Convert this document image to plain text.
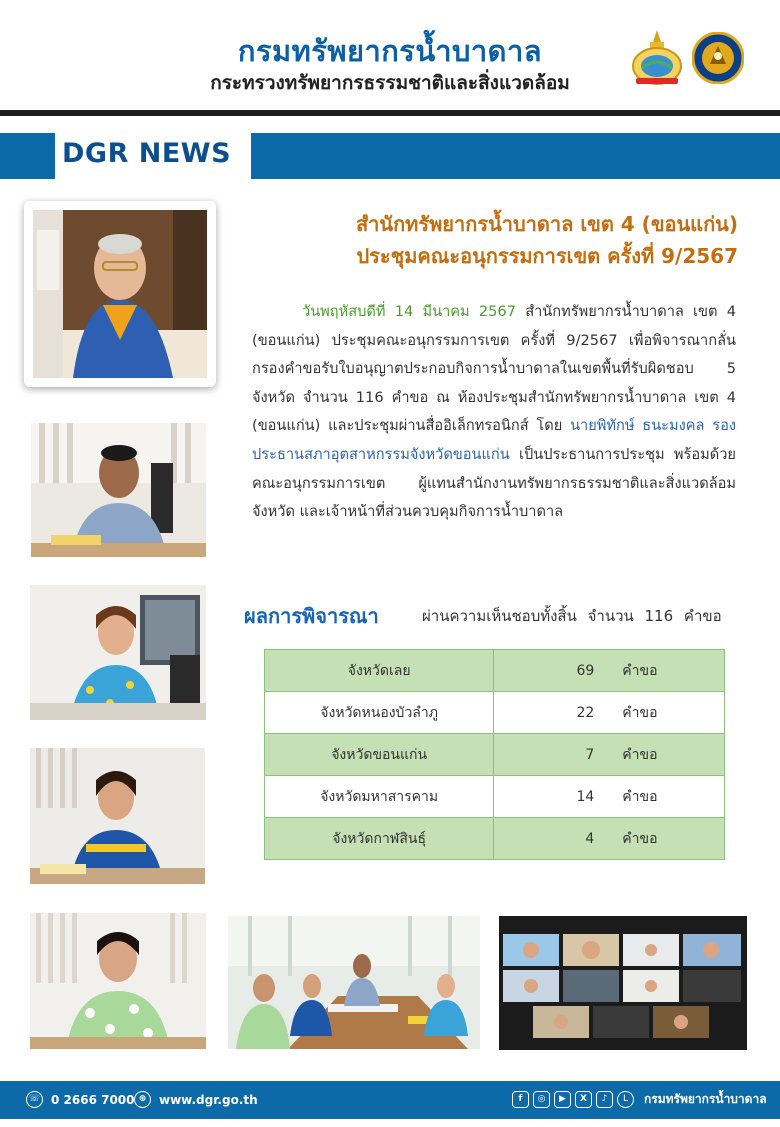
กรมทรัพยากรน้ำบาดาล
กระทรวงทรัพยากรธรรมชาติและสิ่งแวดล้อม
DGR NEWS
สำนักทรัพยากรน้ำบาดาล เขต 4 (ขอนแก่น)
ประชุมคณะอนุกรรมการเขต ครั้งที่ 9/2567
วันพฤหัสบดีที่ 14 มีนาคม 2567 สำนักทรัพยากรน้ำบาดาล เขต 4 (ขอนแก่น) ประชุมคณะอนุกรรมการเขต ครั้งที่ 9/2567 เพื่อพิจารณากลั่นกรองคำขอรับใบอนุญาตประกอบกิจการน้ำบาดาลในเขตพื้นที่รับผิดชอบ 5 จังหวัด จำนวน 116 คำขอ ณ ห้องประชุมสำนักทรัพยากรน้ำบาดาล เขต 4 (ขอนแก่น) และประชุมผ่านสื่ออิเล็กทรอนิกส์ โดย นายพิทักษ์ ธนะมงคล รองประธานสภาอุตสาหกรรมจังหวัดขอนแก่น เป็นประธานการประชุม พร้อมด้วยคณะอนุกรรมการเขต ผู้แทนสำนักงานทรัพยากรธรรมชาติและสิ่งแวดล้อมจังหวัด และเจ้าหน้าที่ส่วนควบคุมกิจการน้ำบาดาล
ผลการพิจารณา	ผ่านความเห็นชอบทั้งสิ้น จำนวน 116 คำขอ
จังหวัดเลย	69 คำขอ

จังหวัดหนองบัวลำภู	22 คำขอ

จังหวัดขอนแก่น	7 คำขอ

จังหวัดมหาสารคาม	14 คำขอ

จังหวัดกาฬสินธุ์	4 คำขอ
☏ 0 2666 7000 ⊕	www.dgr.go.th	f	◎	▶	X	♪	L	กรมทรัพยากรน้ำบาดาล
